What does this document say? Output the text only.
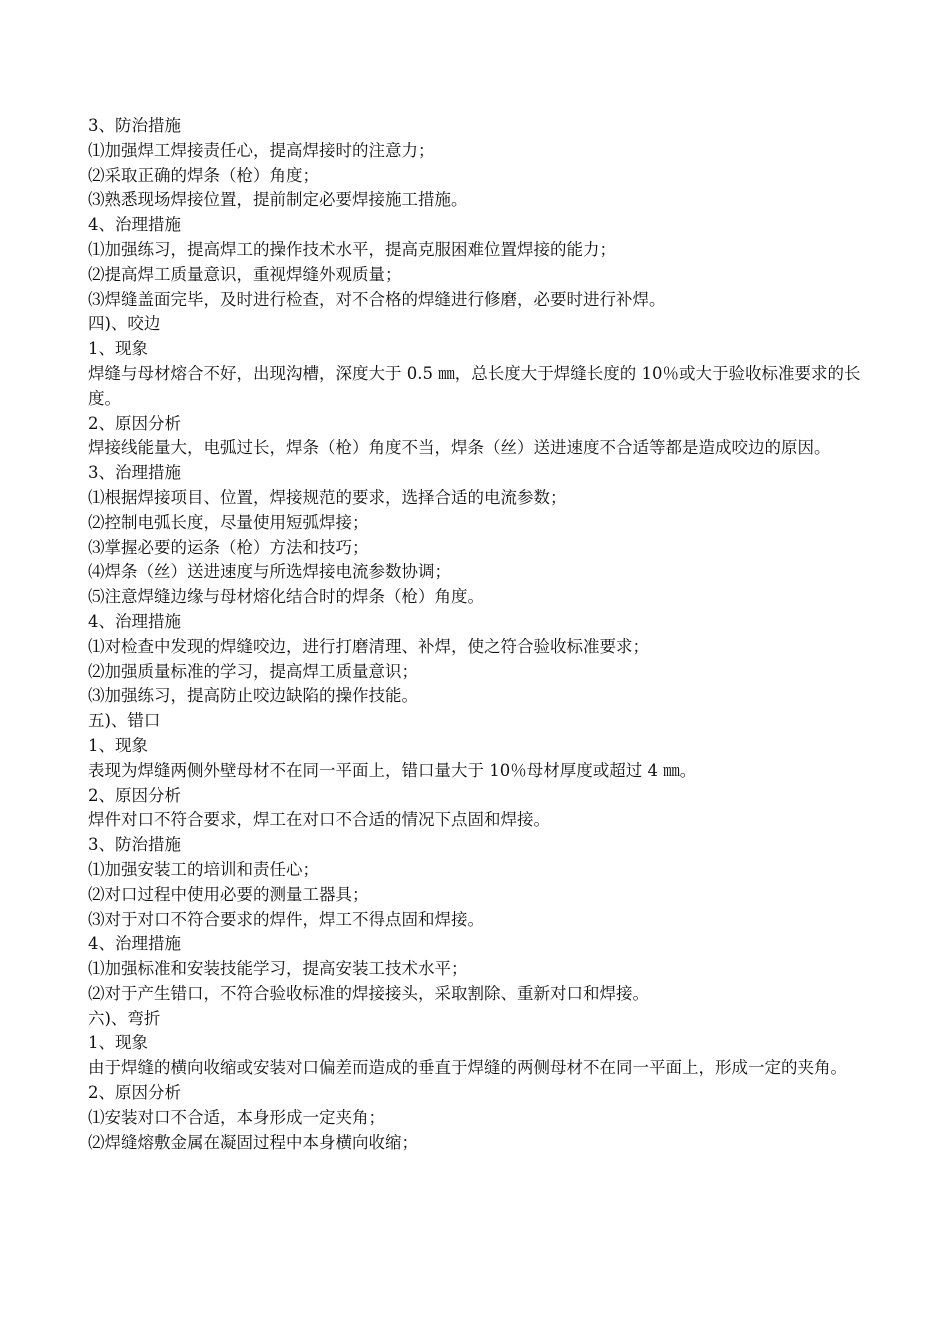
3、防治措施

⑴加强焊工焊接责任心，提高焊接时的注意力；

⑵采取正确的焊条（枪）角度；

⑶熟悉现场焊接位置，提前制定必要焊接施工措施。

4、治理措施

⑴加强练习，提高焊工的操作技术水平，提高克服困难位置焊接的能力；

⑵提高焊工质量意识，重视焊缝外观质量；

⑶焊缝盖面完毕，及时进行检查，对不合格的焊缝进行修磨，必要时进行补焊。

四)、咬边

1、现象

焊缝与母材熔合不好，出现沟槽，深度大于 0.5 ㎜，总长度大于焊缝长度的 10％或大于验收标准要求的长度。

2、原因分析

焊接线能量大，电弧过长，焊条（枪）角度不当，焊条（丝）送进速度不合适等都是造成咬边的原因。

3、治理措施

⑴根据焊接项目、位置，焊接规范的要求，选择合适的电流参数；

⑵控制电弧长度，尽量使用短弧焊接；

⑶掌握必要的运条（枪）方法和技巧；

⑷焊条（丝）送进速度与所选焊接电流参数协调；

⑸注意焊缝边缘与母材熔化结合时的焊条（枪）角度。

4、治理措施

⑴对检查中发现的焊缝咬边，进行打磨清理、补焊，使之符合验收标准要求；

⑵加强质量标准的学习，提高焊工质量意识；

⑶加强练习，提高防止咬边缺陷的操作技能。

五)、错口

1、现象

表现为焊缝两侧外壁母材不在同一平面上，错口量大于 10％母材厚度或超过 4 ㎜。

2、原因分析

焊件对口不符合要求，焊工在对口不合适的情况下点固和焊接。

3、防治措施

⑴加强安装工的培训和责任心；

⑵对口过程中使用必要的测量工器具；

⑶对于对口不符合要求的焊件，焊工不得点固和焊接。

4、治理措施

⑴加强标准和安装技能学习，提高安装工技术水平；

⑵对于产生错口，不符合验收标准的焊接接头，采取割除、重新对口和焊接。

六)、弯折

1、现象

由于焊缝的横向收缩或安装对口偏差而造成的垂直于焊缝的两侧母材不在同一平面上，形成一定的夹角。

2、原因分析

⑴安装对口不合适，本身形成一定夹角；

⑵焊缝熔敷金属在凝固过程中本身横向收缩；
